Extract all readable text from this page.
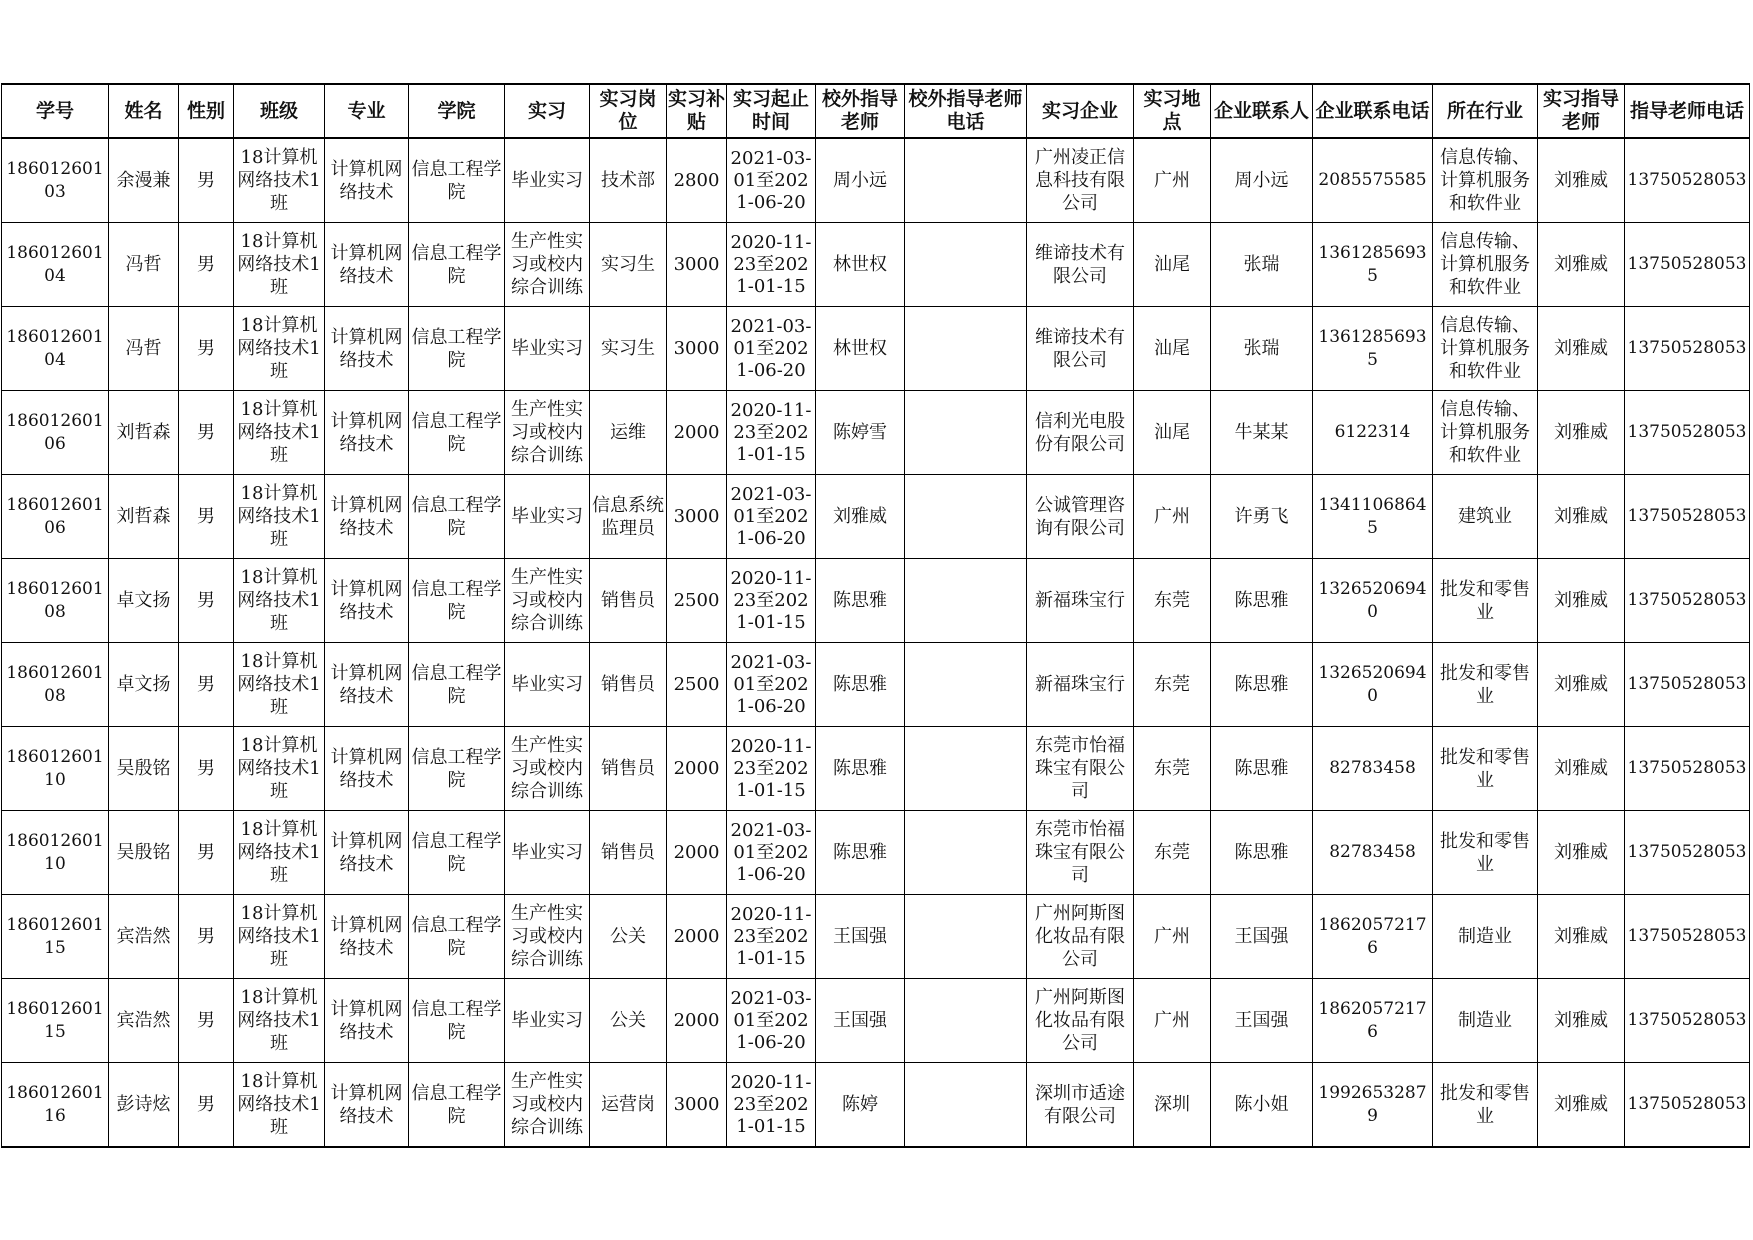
学号	姓名	性别	班级	专业	学院	实习	实习岗位	实习补贴	实习起止时间	校外指导老师	校外指导老师电话	实习企业	实习地点	企业联系人	企业联系电话	所在行业	实习指导老师	指导老师电话
18601260103	余漫兼	男	18计算机网络技术1班	计算机网络技术	信息工程学院	毕业实习	技术部	2800	2021-03-01至2021-06-20	周小远		广州凌正信息科技有限公司	广州	周小远	2085575585	信息传输、计算机服务和软件业	刘雅威	13750528053
18601260104	冯哲	男	18计算机网络技术1班	计算机网络技术	信息工程学院	生产性实习或校内综合训练	实习生	3000	2020-11-23至2021-01-15	林世权		维谛技术有限公司	汕尾	张瑞	13612856935	信息传输、计算机服务和软件业	刘雅威	13750528053
18601260104	冯哲	男	18计算机网络技术1班	计算机网络技术	信息工程学院	毕业实习	实习生	3000	2021-03-01至2021-06-20	林世权		维谛技术有限公司	汕尾	张瑞	13612856935	信息传输、计算机服务和软件业	刘雅威	13750528053
18601260106	刘哲森	男	18计算机网络技术1班	计算机网络技术	信息工程学院	生产性实习或校内综合训练	运维	2000	2020-11-23至2021-01-15	陈婷雪		信利光电股份有限公司	汕尾	牛某某	6122314	信息传输、计算机服务和软件业	刘雅威	13750528053
18601260106	刘哲森	男	18计算机网络技术1班	计算机网络技术	信息工程学院	毕业实习	信息系统监理员	3000	2021-03-01至2021-06-20	刘雅威		公诚管理咨询有限公司	广州	许勇飞	13411068645	建筑业	刘雅威	13750528053
18601260108	卓文扬	男	18计算机网络技术1班	计算机网络技术	信息工程学院	生产性实习或校内综合训练	销售员	2500	2020-11-23至2021-01-15	陈思雅		新福珠宝行	东莞	陈思雅	13265206940	批发和零售业	刘雅威	13750528053
18601260108	卓文扬	男	18计算机网络技术1班	计算机网络技术	信息工程学院	毕业实习	销售员	2500	2021-03-01至2021-06-20	陈思雅		新福珠宝行	东莞	陈思雅	13265206940	批发和零售业	刘雅威	13750528053
18601260110	吴殷铭	男	18计算机网络技术1班	计算机网络技术	信息工程学院	生产性实习或校内综合训练	销售员	2000	2020-11-23至2021-01-15	陈思雅		东莞市怡福珠宝有限公司	东莞	陈思雅	82783458	批发和零售业	刘雅威	13750528053
18601260110	吴殷铭	男	18计算机网络技术1班	计算机网络技术	信息工程学院	毕业实习	销售员	2000	2021-03-01至2021-06-20	陈思雅		东莞市怡福珠宝有限公司	东莞	陈思雅	82783458	批发和零售业	刘雅威	13750528053
18601260115	宾浩然	男	18计算机网络技术1班	计算机网络技术	信息工程学院	生产性实习或校内综合训练	公关	2000	2020-11-23至2021-01-15	王国强		广州阿斯图化妆品有限公司	广州	王国强	18620572176	制造业	刘雅威	13750528053
18601260115	宾浩然	男	18计算机网络技术1班	计算机网络技术	信息工程学院	毕业实习	公关	2000	2021-03-01至2021-06-20	王国强		广州阿斯图化妆品有限公司	广州	王国强	18620572176	制造业	刘雅威	13750528053
18601260116	彭诗炫	男	18计算机网络技术1班	计算机网络技术	信息工程学院	生产性实习或校内综合训练	运营岗	3000	2020-11-23至2021-01-15	陈婷		深圳市适途有限公司	深圳	陈小姐	19926532879	批发和零售业	刘雅威	13750528053
